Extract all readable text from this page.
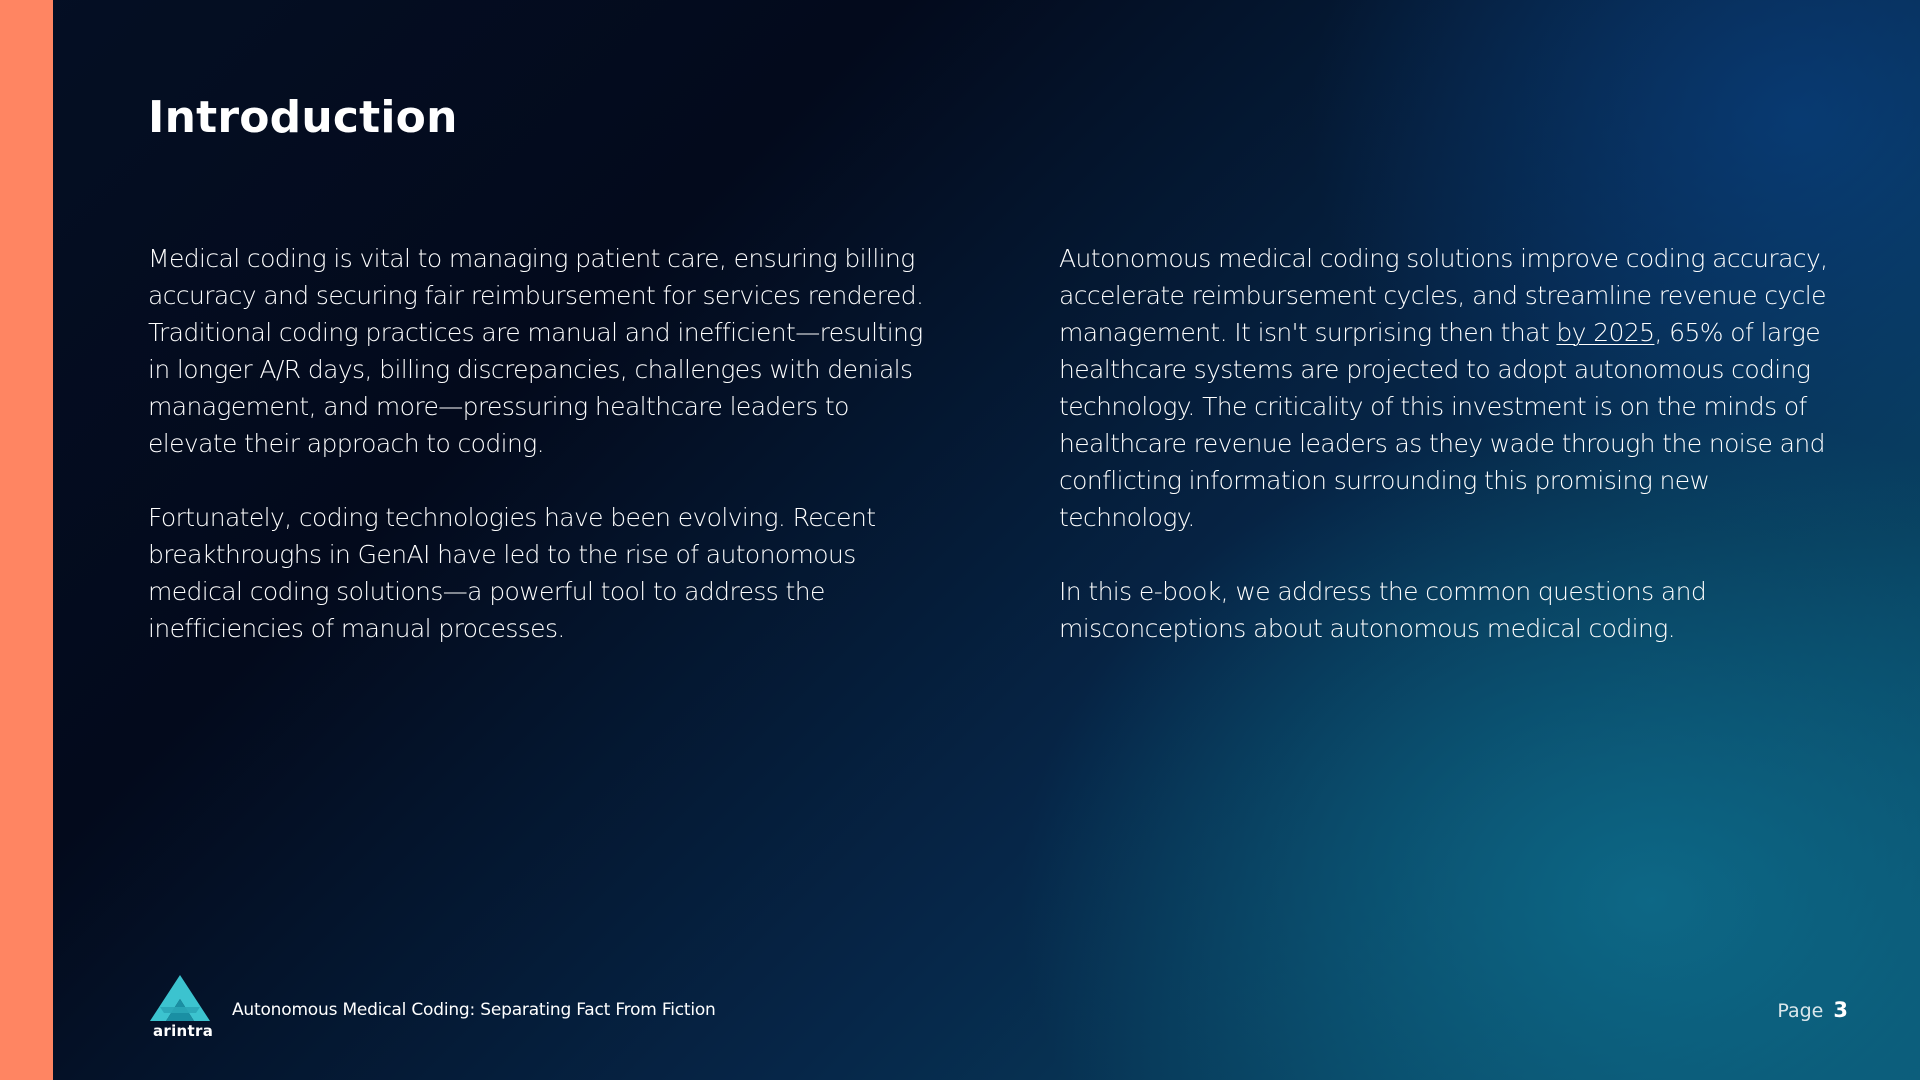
Introduction

Medical coding is vital to managing patient care, ensuring billing accuracy and securing fair reimbursement for services rendered. Traditional coding practices are manual and inefficient—resulting in longer A/R days, billing discrepancies, challenges with denials management, and more—pressuring healthcare leaders to elevate their approach to coding.

Fortunately, coding technologies have been evolving. Recent breakthroughs in GenAI have led to the rise of autonomous medical coding solutions—a powerful tool to address the inefficiencies of manual processes.

Autonomous medical coding solutions improve coding accuracy, accelerate reimbursement cycles, and streamline revenue cycle management. It isn't surprising then that by 2025, 65% of large healthcare systems are projected to adopt autonomous coding technology. The criticality of this investment is on the minds of healthcare revenue leaders as they wade through the noise and conflicting information surrounding this promising new technology.

In this e-book, we address the common questions and misconceptions about autonomous medical coding.

arintra
Autonomous Medical Coding: Separating Fact From Fiction	Page 3
